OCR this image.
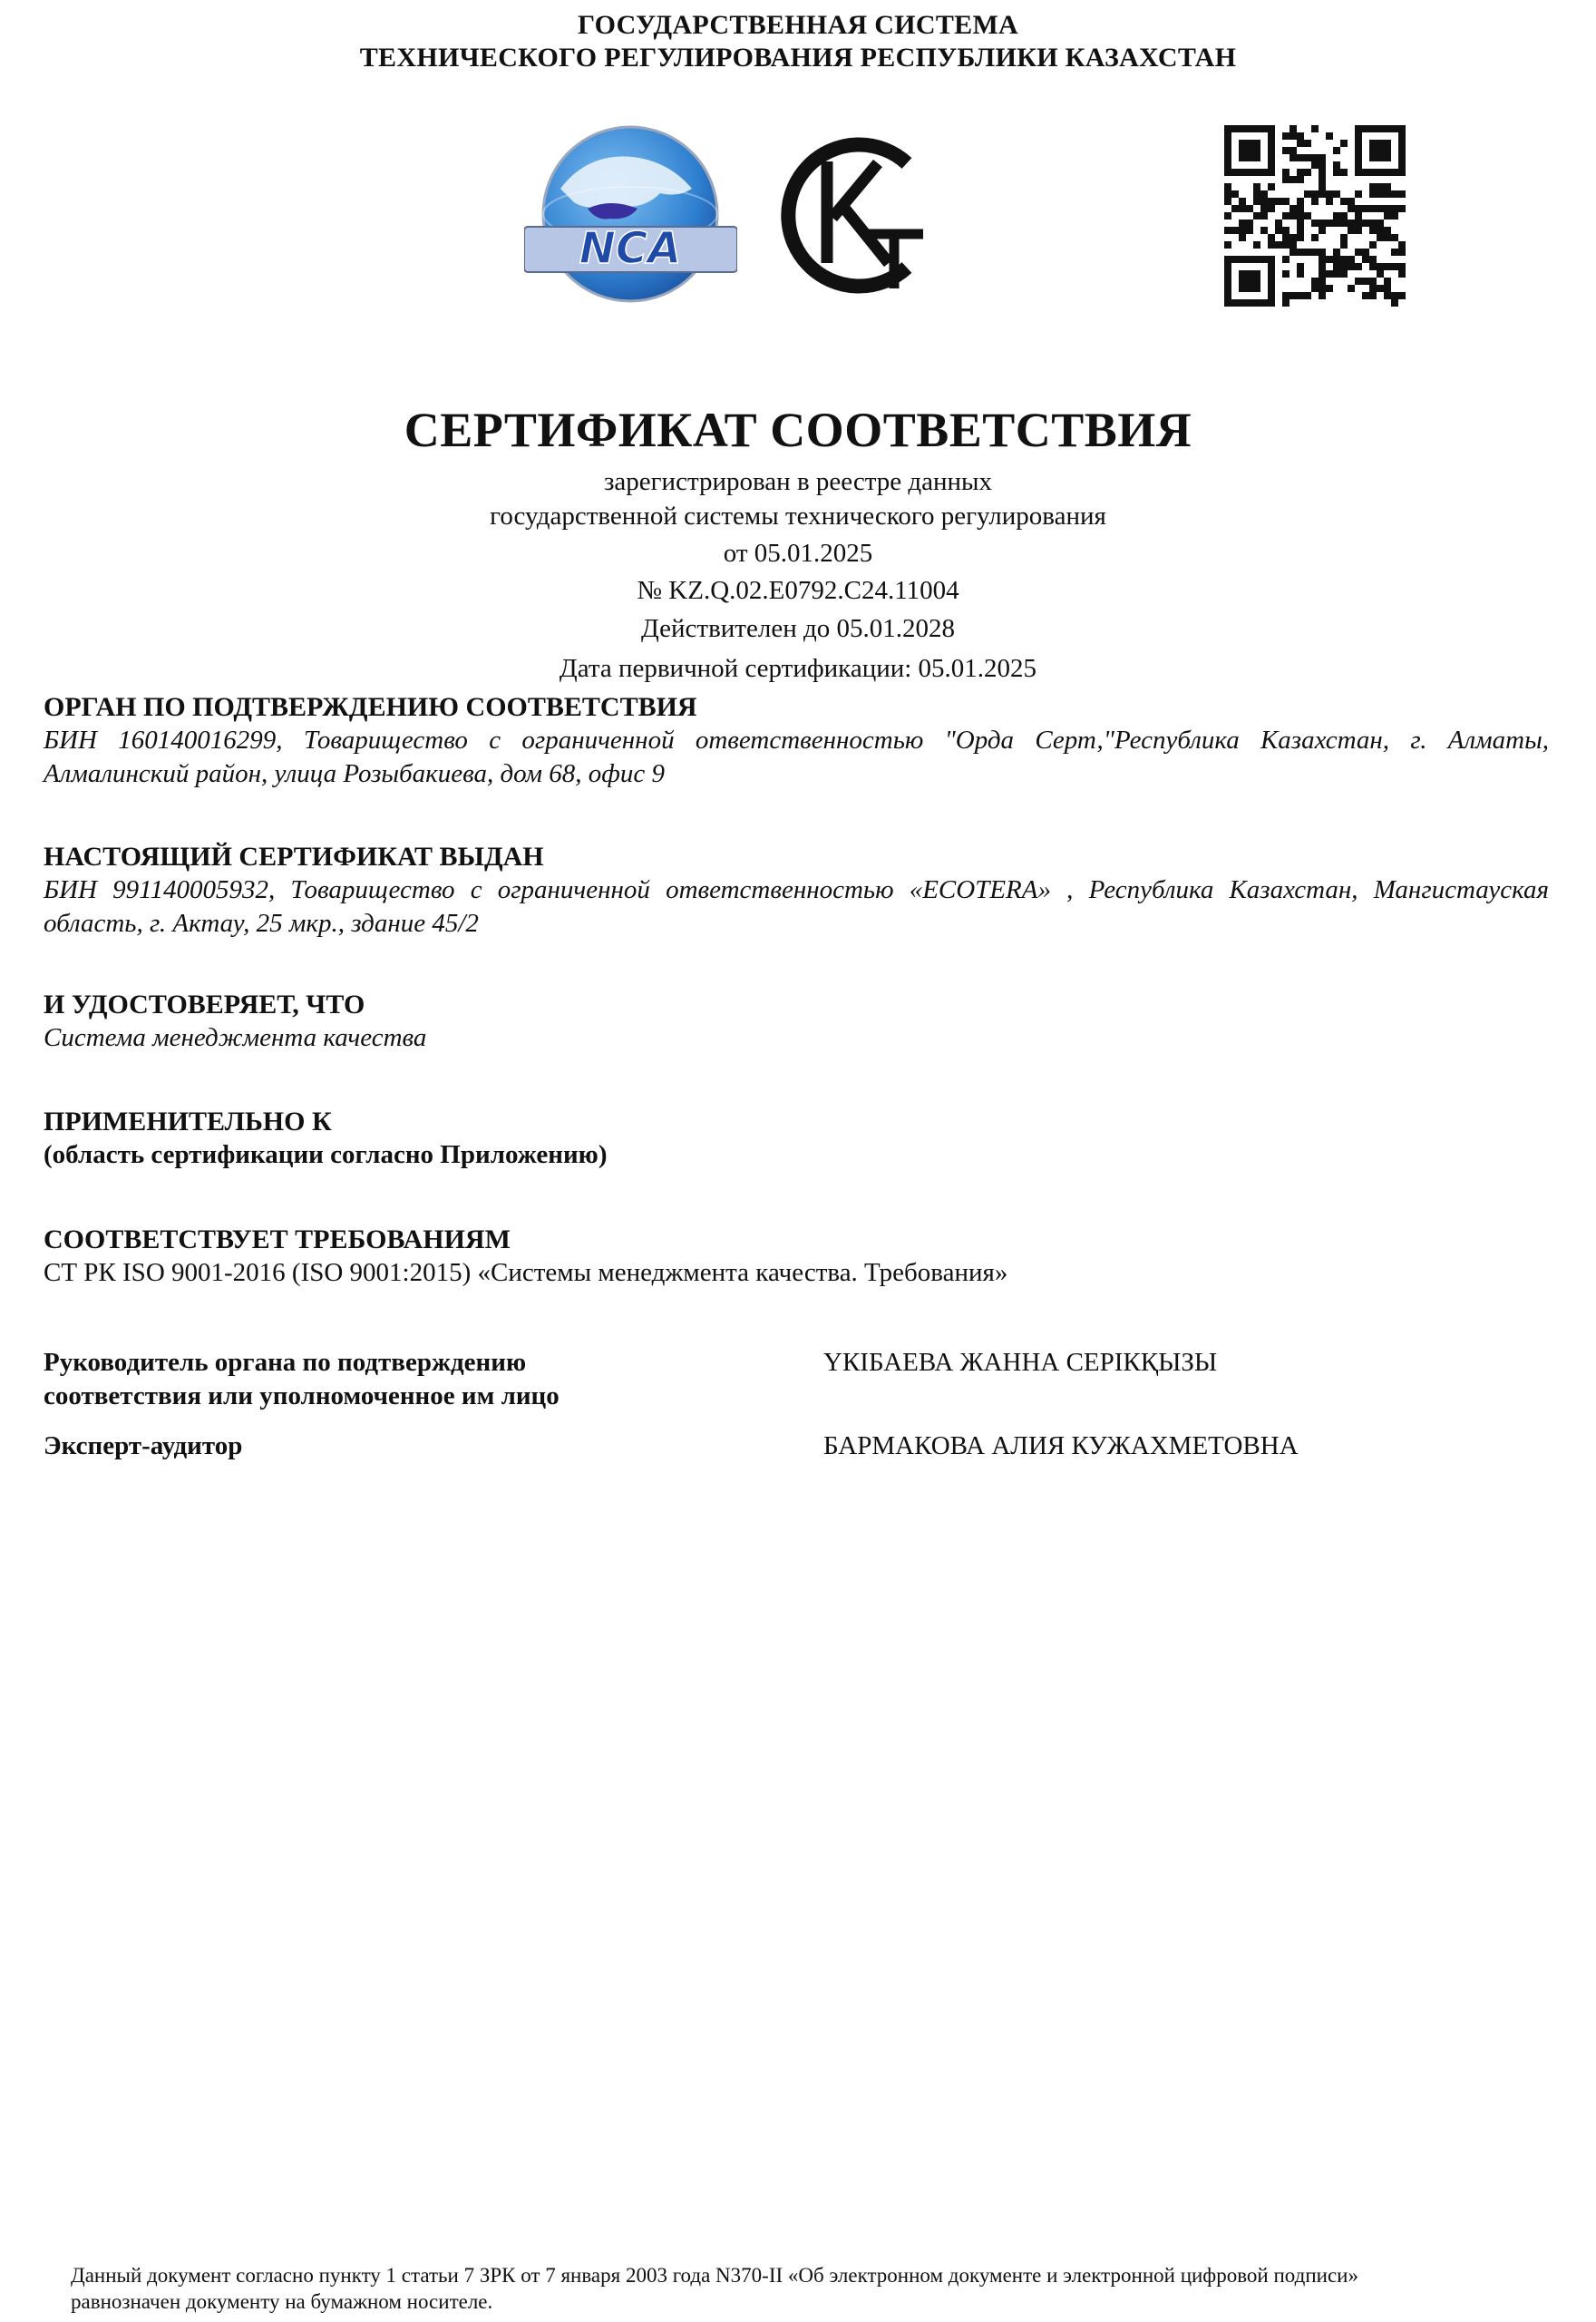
ГОСУДАРСТВЕННАЯ СИСТЕМА
ТЕХНИЧЕСКОГО РЕГУЛИРОВАНИЯ РЕСПУБЛИКИ КАЗАХСТАН
NCA
СЕРТИФИКАТ СООТВЕТСТВИЯ
зарегистрирован в реестре данных
государственной системы технического регулирования
от 05.01.2025
№ KZ.Q.02.E0792.C24.11004
Действителен до 05.01.2028
Дата первичной сертификации: 05.01.2025
ОРГАН ПО ПОДТВЕРЖДЕНИЮ СООТВЕТСТВИЯ
БИН 160140016299, Товарищество с ограниченной ответственностью "Орда Серт,"Республика Казахстан, г. Алматы, Алмалинский район, улица Розыбакиева, дом 68, офис 9
НАСТОЯЩИЙ СЕРТИФИКАТ ВЫДАН
БИН 991140005932, Товарищество с ограниченной ответственностью «ECOTERA» , Республика Казахстан, Мангистауская область, г. Актау, 25 мкр., здание 45/2
И УДОСТОВЕРЯЕТ, ЧТО
Система менеджмента качества
ПРИМЕНИТЕЛЬНО К
(область сертификации согласно Приложению)
СООТВЕТСТВУЕТ ТРЕБОВАНИЯМ
СТ РК ISO 9001-2016 (ISO 9001:2015) «Системы менеджмента качества. Требования»
Руководитель органа по подтверждению
соответствия или уполномоченное им лицо
ҮКІБАЕВА ЖАННА СЕРІКҚЫЗЫ
Эксперт-аудитор	БАРМАКОВА АЛИЯ КУЖАХМЕТОВНА
Данный документ согласно пункту 1 статьи 7 ЗРК от 7 января 2003 года N370-II «Об электронном документе и электронной цифровой подписи»
равнозначен документу на бумажном носителе.
